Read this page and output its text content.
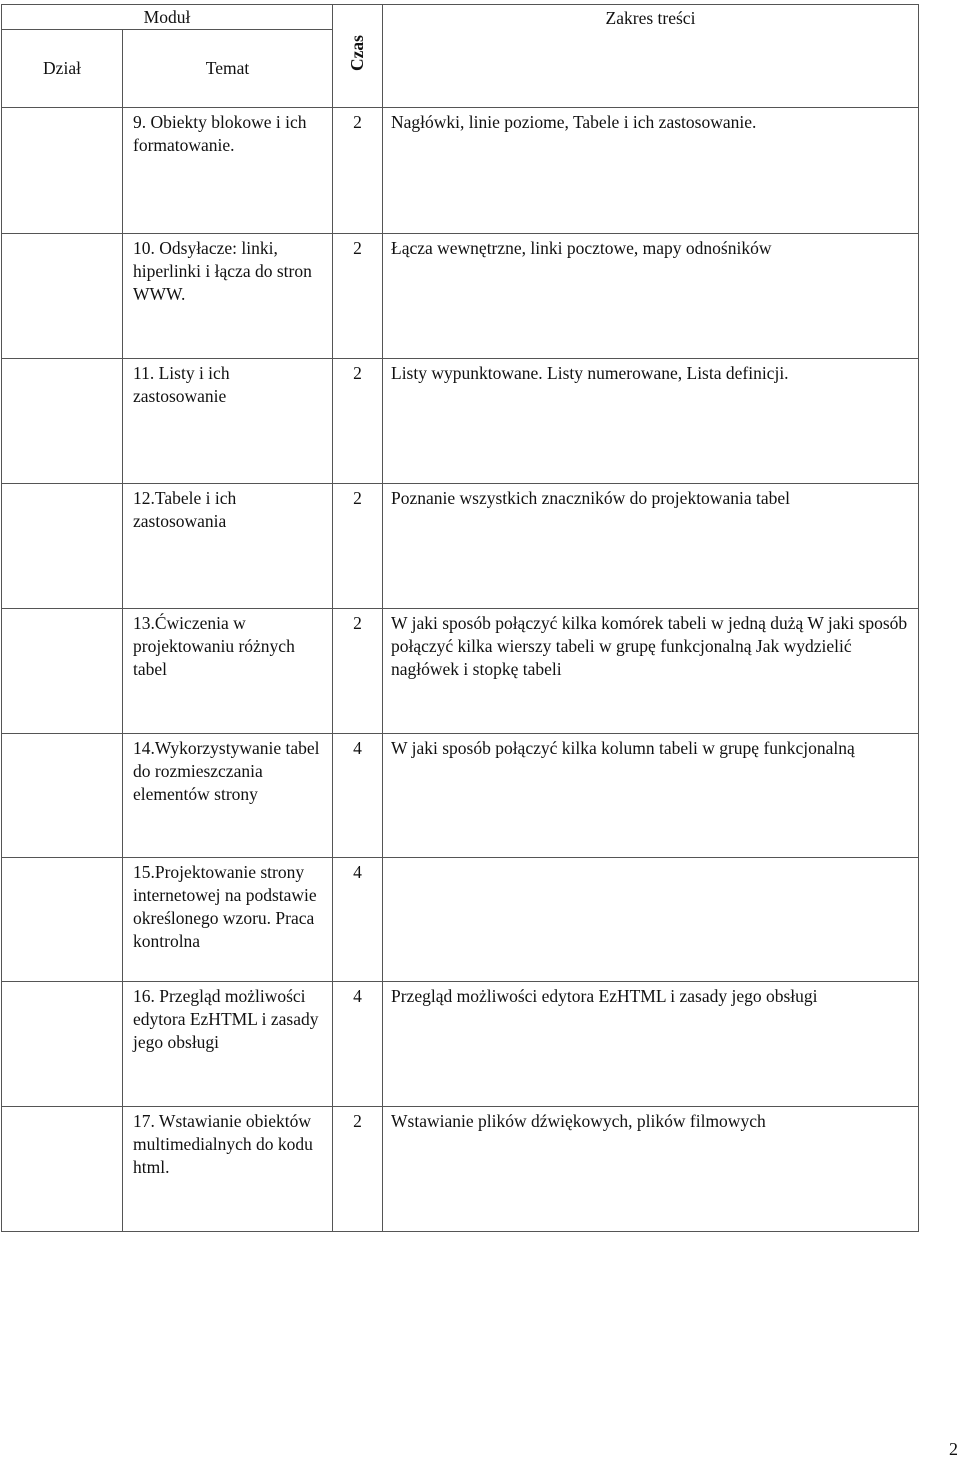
Moduł		Czas	Zakres treści
Dział	Temat		
	9. Obiekty blokowe i ich formatowanie.	2	Nagłówki, linie poziome, Tabele i ich zastosowanie.
	10. Odsyłacze: linki, hiperlinki i łącza do stron WWW.	2	Łącza wewnętrzne, linki pocztowe, mapy odnośników
	11. Listy i ich zastosowanie	2	Listy wypunktowane. Listy numerowane, Lista definicji.
	12.Tabele i ich zastosowania	2	Poznanie wszystkich znaczników do projektowania tabel
	13.Ćwiczenia w projektowaniu różnych tabel	2	W jaki sposób połączyć kilka komórek tabeli w jedną dużą W jaki sposób połączyć kilka wierszy tabeli w grupę funkcjonalną Jak wydzielić nagłówek i stopkę tabeli
	14.Wykorzystywanie tabel do rozmieszczania elementów strony	4	W jaki sposób połączyć kilka kolumn tabeli w grupę funkcjonalną
	15.Projektowanie strony internetowej na podstawie określonego wzoru. Praca kontrolna	4	
	16. Przegląd możliwości edytora EzHTML i zasady jego obsługi	4	Przegląd możliwości edytora EzHTML i zasady jego obsługi
	17. Wstawianie obiektów multimedialnych do kodu html.	2	Wstawianie plików dźwiękowych, plików filmowych
2
